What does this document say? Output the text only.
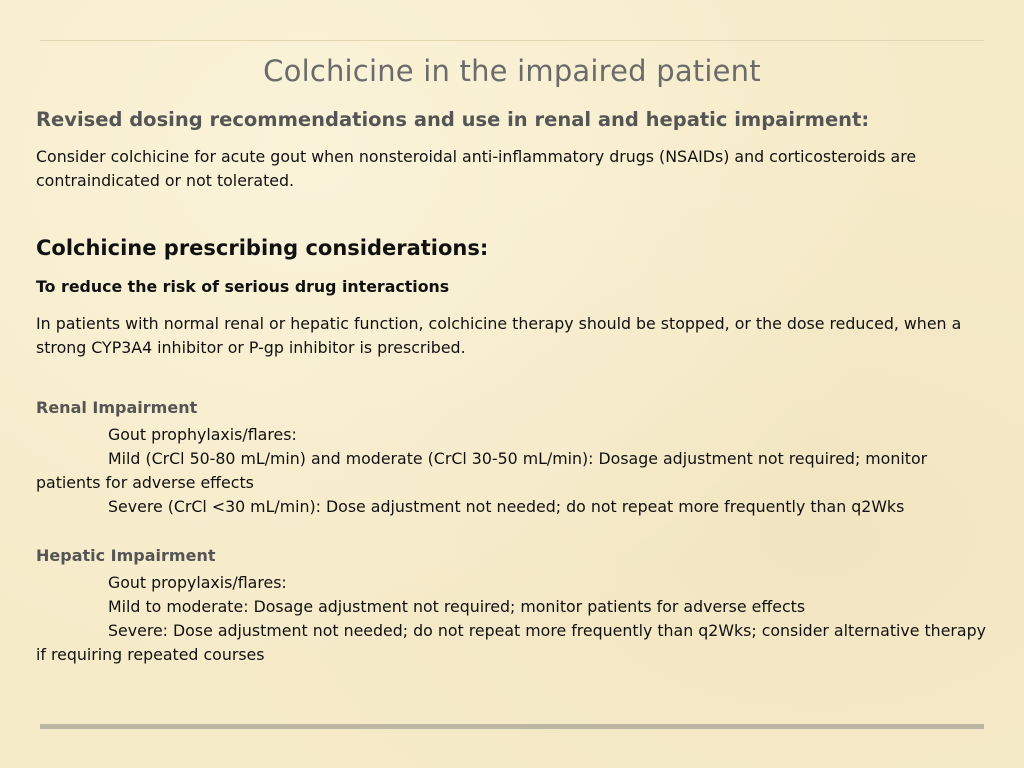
Colchicine in the impaired patient
Revised dosing recommendations and use in renal and hepatic impairment:
Consider colchicine for acute gout when nonsteroidal anti-inflammatory drugs (NSAIDs) and corticosteroids are contraindicated or not tolerated.
Colchicine prescribing considerations:
To reduce the risk of serious drug interactions
In patients with normal renal or hepatic function, colchicine therapy should be stopped, or the dose reduced, when a strong CYP3A4 inhibitor or P-gp inhibitor is prescribed.
Renal Impairment
Gout prophylaxis/flares:
Mild (CrCl 50-80 mL/min) and moderate (CrCl 30-50 mL/min): Dosage adjustment not required; monitor patients for adverse effects
Severe (CrCl <30 mL/min): Dose adjustment not needed; do not repeat more frequently than q2Wks
Hepatic Impairment
Gout propylaxis/flares:
Mild to moderate: Dosage adjustment not required; monitor patients for adverse effects
Severe: Dose adjustment not needed; do not repeat more frequently than q2Wks; consider alternative therapy if requiring repeated courses
